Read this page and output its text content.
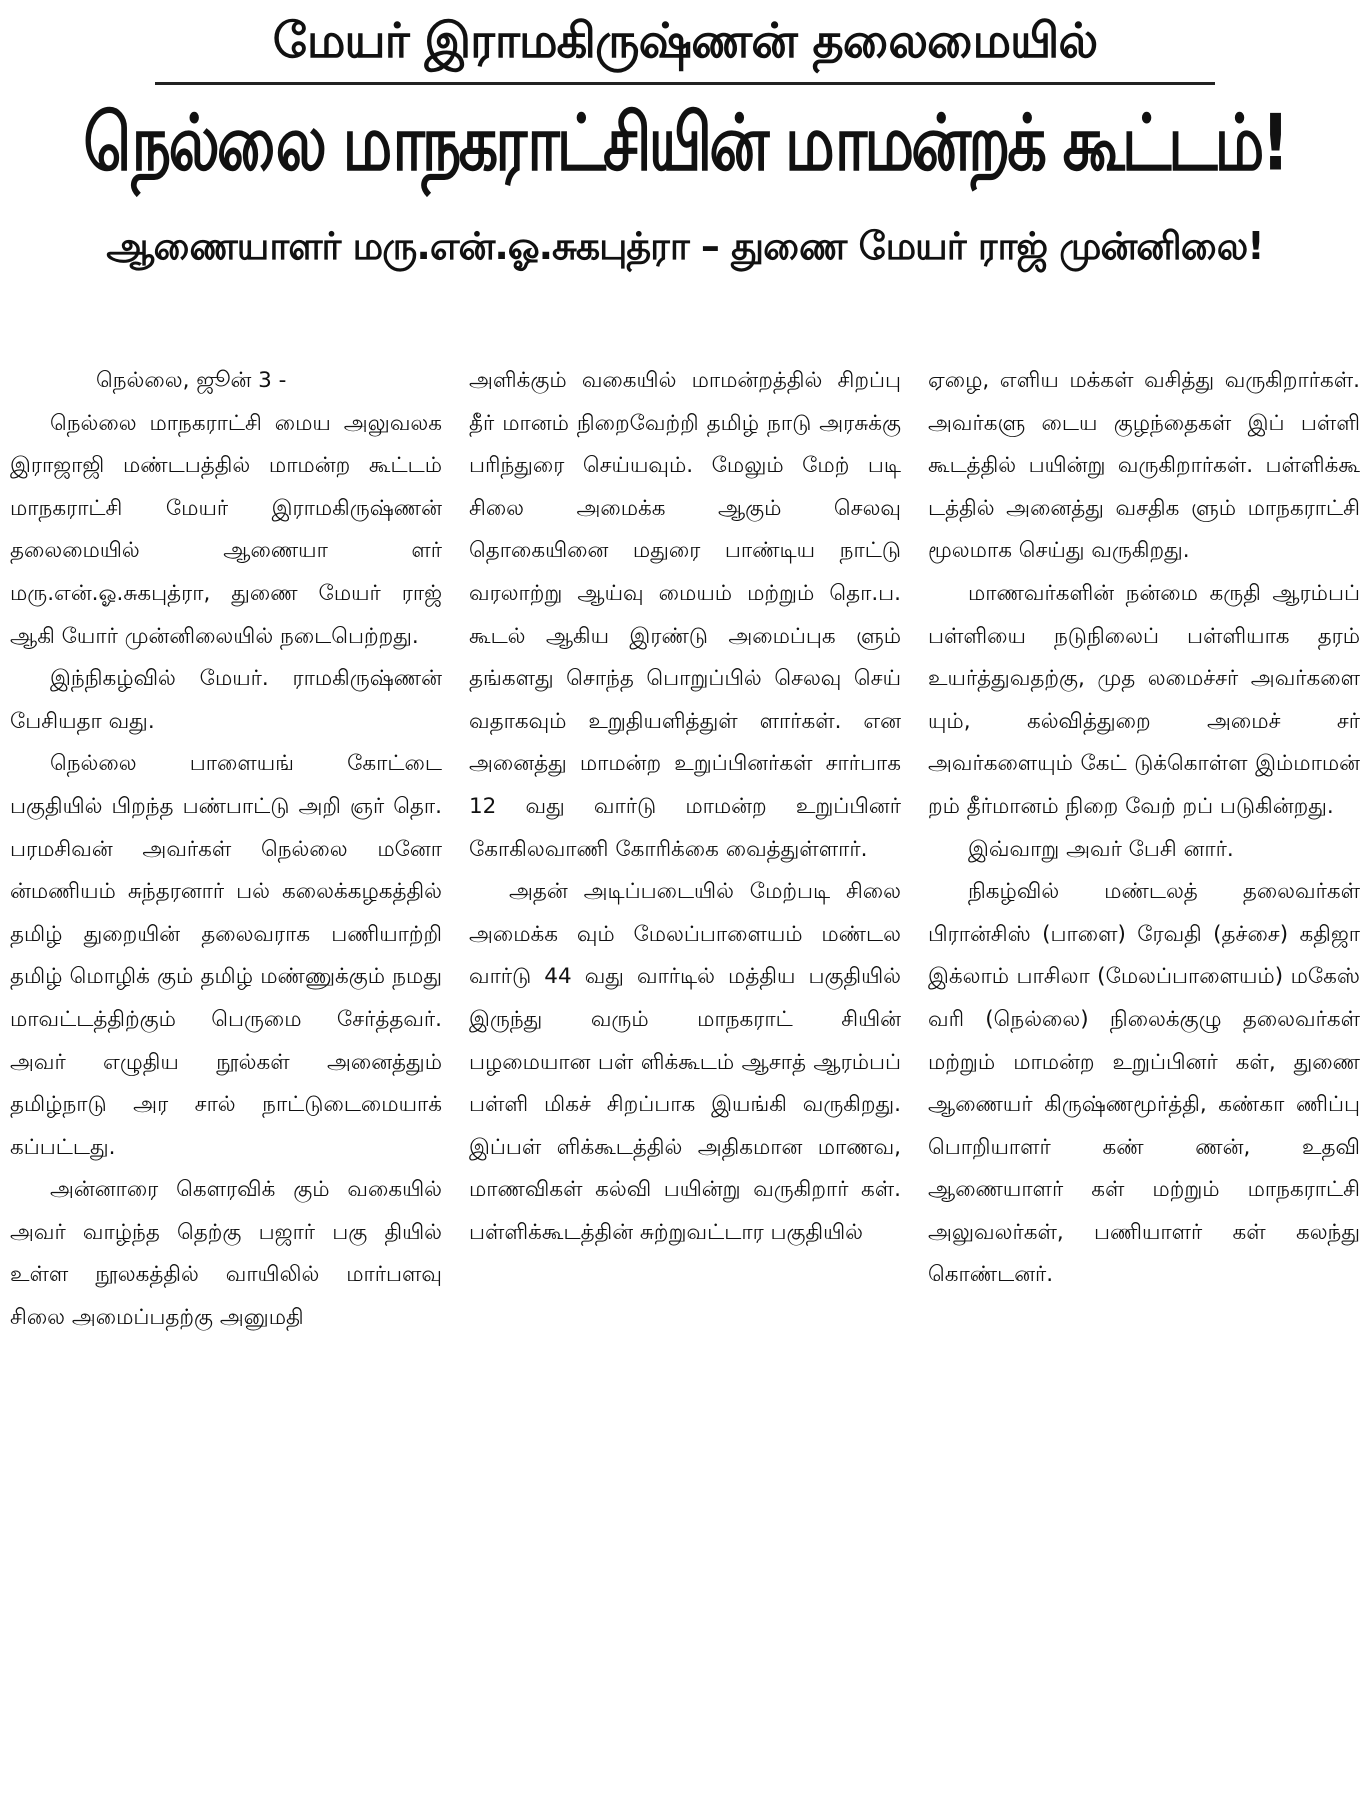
மேயர் இராமகிருஷ்ணன் தலைமையில்
நெல்லை மாநகராட்சியின் மாமன்றக் கூட்டம்!
ஆணையாளர் மரு.என்.ஓ.சுகபுத்ரா – துணை மேயர் ராஜ் முன்னிலை!

நெல்லை, ஜூன் 3 -

நெல்லை மாநகராட்சி மைய அலுவலக இராஜாஜி மண்டபத்தில் மாமன்ற கூட்டம் மாநகராட்சி மேயர் இராமகிருஷ்ணன் தலைமையில் ஆணையா ளர் மரு.என்.ஓ.சுகபுத்ரா, துணை மேயர் ராஜ் ஆகி யோர் முன்னிலையில் நடைபெற்றது.

இந்நிகழ்வில் மேயர். ராமகிருஷ்ணன் பேசியதா வது.

நெல்லை பாளையங் கோட்டை பகுதியில் பிறந்த பண்பாட்டு அறி ஞர் தொ. பரமசிவன் அவர்கள் நெல்லை மனோ ன்மணியம் சுந்தரனார் பல் கலைக்கழகத்தில் தமிழ் துறையின் தலைவராக பணியாற்றி தமிழ் மொழிக் கும் தமிழ் மண்ணுக்கும் நமது மாவட்டத்திற்கும் பெருமை சேர்த்தவர். அவர் எழுதிய நூல்கள் அனைத்தும் தமிழ்நாடு அர சால் நாட்டுடைமையாக் கப்பட்டது.

அன்னாரை கௌரவிக் கும் வகையில் அவர் வாழ்ந்த தெற்கு பஜார் பகு தியில் உள்ள நூலகத்தில் வாயிலில் மார்பளவு சிலை அமைப்பதற்கு அனுமதி

அளிக்கும் வகையில் மாமன்றத்தில் சிறப்பு தீர் மானம் நிறைவேற்றி தமிழ் நாடு அரசுக்கு பரிந்துரை செய்யவும். மேலும் மேற் படி சிலை அமைக்க ஆகும் செலவு தொகையினை மதுரை பாண்டிய நாட்டு வரலாற்று ஆய்வு மையம் மற்றும் தொ.ப. கூடல் ஆகிய இரண்டு அமைப்புக ளும் தங்களது சொந்த பொறுப்பில் செலவு செய் வதாகவும் உறுதியளித்துள் ளார்கள். என அனைத்து மாமன்ற உறுப்பினர்கள் சார்பாக 12 வது வார்டு மாமன்ற உறுப்பினர் கோகிலவாணி கோரிக்கை வைத்துள்ளார்.

அதன் அடிப்படையில் மேற்படி சிலை அமைக்க வும் மேலப்பாளையம் மண்டல வார்டு 44 வது வார்டில் மத்திய பகுதியில் இருந்து வரும் மாநகராட் சியின் பழமையான பள் ளிக்கூடம் ஆசாத் ஆரம்பப் பள்ளி மிகச் சிறப்பாக இயங்கி வருகிறது. இப்பள் ளிக்கூடத்தில் அதிகமான மாணவ, மாணவிகள் கல்வி பயின்று வருகிறார் கள். பள்ளிக்கூடத்தின் சுற்றுவட்டார பகுதியில்

ஏழை, எளிய மக்கள் வசித்து வருகிறார்கள். அவர்களு டைய குழந்தைகள் இப் பள்ளி கூடத்தில் பயின்று வருகிறார்கள். பள்ளிக்கூ டத்தில் அனைத்து வசதிக ளும் மாநகராட்சி மூலமாக செய்து வருகிறது.

மாணவர்களின் நன்மை கருதி ஆரம்பப் பள்ளியை நடுநிலைப் பள்ளியாக தரம் உயர்த்துவதற்கு, முத லமைச்சர் அவர்களை யும், கல்வித்துறை அமைச் சர் அவர்களையும் கேட் டுக்கொள்ள இம்மாமன் றம் தீர்மானம் நிறை வேற் றப் படுகின்றது.

இவ்வாறு அவர் பேசி னார்.

நிகழ்வில் மண்டலத் தலைவர்கள் பிரான்சிஸ் (பாளை) ரேவதி (தச்சை) கதிஜா இக்லாம் பாசிலா (மேலப்பாளையம்) மகேஸ் வரி (நெல்லை) நிலைக்குழு தலைவர்கள் மற்றும் மாமன்ற உறுப்பினர் கள், துணை ஆணையர் கிருஷ்ணமூர்த்தி, கண்கா ணிப்பு பொறியாளர் கண் ணன், உதவி ஆணையாளர் கள் மற்றும் மாநகராட்சி அலுவலர்கள், பணியாளர் கள் கலந்து கொண்டனர்.
